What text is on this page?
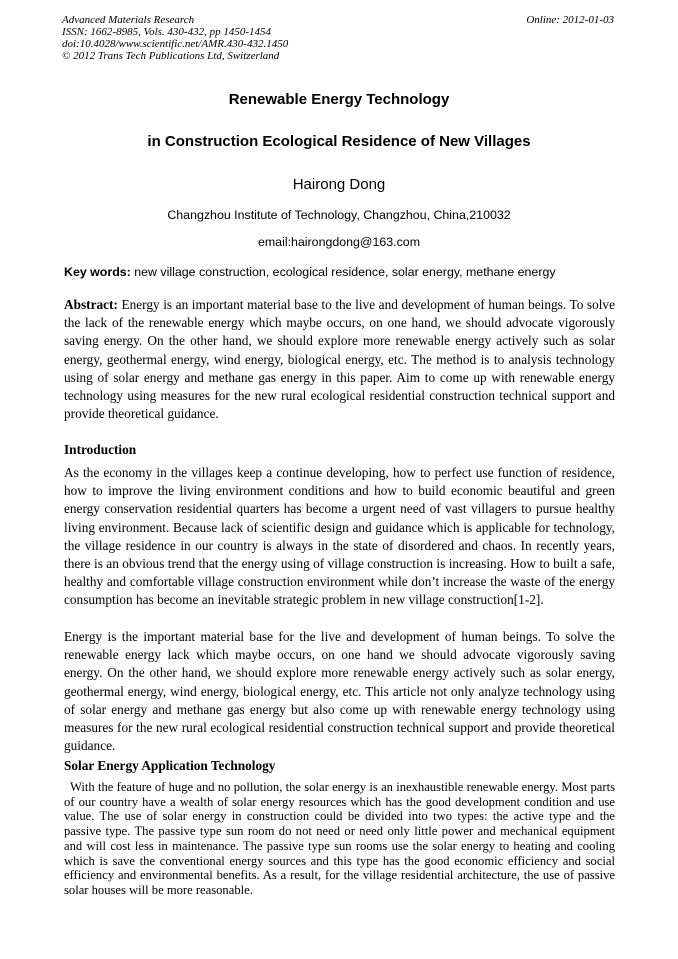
Advanced Materials Research	Online: 2012-01-03
ISSN: 1662-8985, Vols. 430-432, pp 1450-1454
doi:10.4028/www.scientific.net/AMR.430-432.1450
© 2012 Trans Tech Publications Ltd, Switzerland
Renewable Energy Technology
in Construction Ecological Residence of New Villages
Hairong Dong
Changzhou Institute of Technology, Changzhou, China,210032
email:hairongdong@163.com
Key words: new village construction, ecological residence, solar energy, methane energy
Abstract: Energy is an important material base to the live and development of human beings. To solve the lack of the renewable energy which maybe occurs, on one hand, we should advocate vigorously saving energy. On the other hand, we should explore more renewable energy actively such as solar energy, geothermal energy, wind energy, biological energy, etc. The method is to analysis technology using of solar energy and methane gas energy in this paper. Aim to come up with renewable energy technology using measures for the new rural ecological residential construction technical support and provide theoretical guidance.
Introduction
As the economy in the villages keep a continue developing, how to perfect use function of residence, how to improve the living environment conditions and how to build economic beautiful and green energy conservation residential quarters has become a urgent need of vast villagers to pursue healthy living environment. Because lack of scientific design and guidance which is applicable for technology, the village residence in our country is always in the state of disordered and chaos. In recently years, there is an obvious trend that the energy using of village construction is increasing. How to built a safe, healthy and comfortable village construction environment while don’t increase the waste of the energy consumption has become an inevitable strategic problem in new village construction[1-2].
Energy is the important material base for the live and development of human beings. To solve the renewable energy lack which maybe occurs, on one hand we should advocate vigorously saving energy. On the other hand, we should explore more renewable energy actively such as solar energy, geothermal energy, wind energy, biological energy, etc. This article not only analyze technology using of solar energy and methane gas energy but also come up with renewable energy technology using measures for the new rural ecological residential construction technical support and provide theoretical guidance.
Solar Energy Application Technology
With the feature of huge and no pollution, the solar energy is an inexhaustible renewable energy. Most parts of our country have a wealth of solar energy resources which has the good development condition and use value. The use of solar energy in construction could be divided into two types: the active type and the passive type. The passive type sun room do not need or need only little power and mechanical equipment and will cost less in maintenance. The passive type sun rooms use the solar energy to heating and cooling which is save the conventional energy sources and this type has the good economic efficiency and social efficiency and environmental benefits. As a result, for the village residential architecture, the use of passive solar houses will be more reasonable.
